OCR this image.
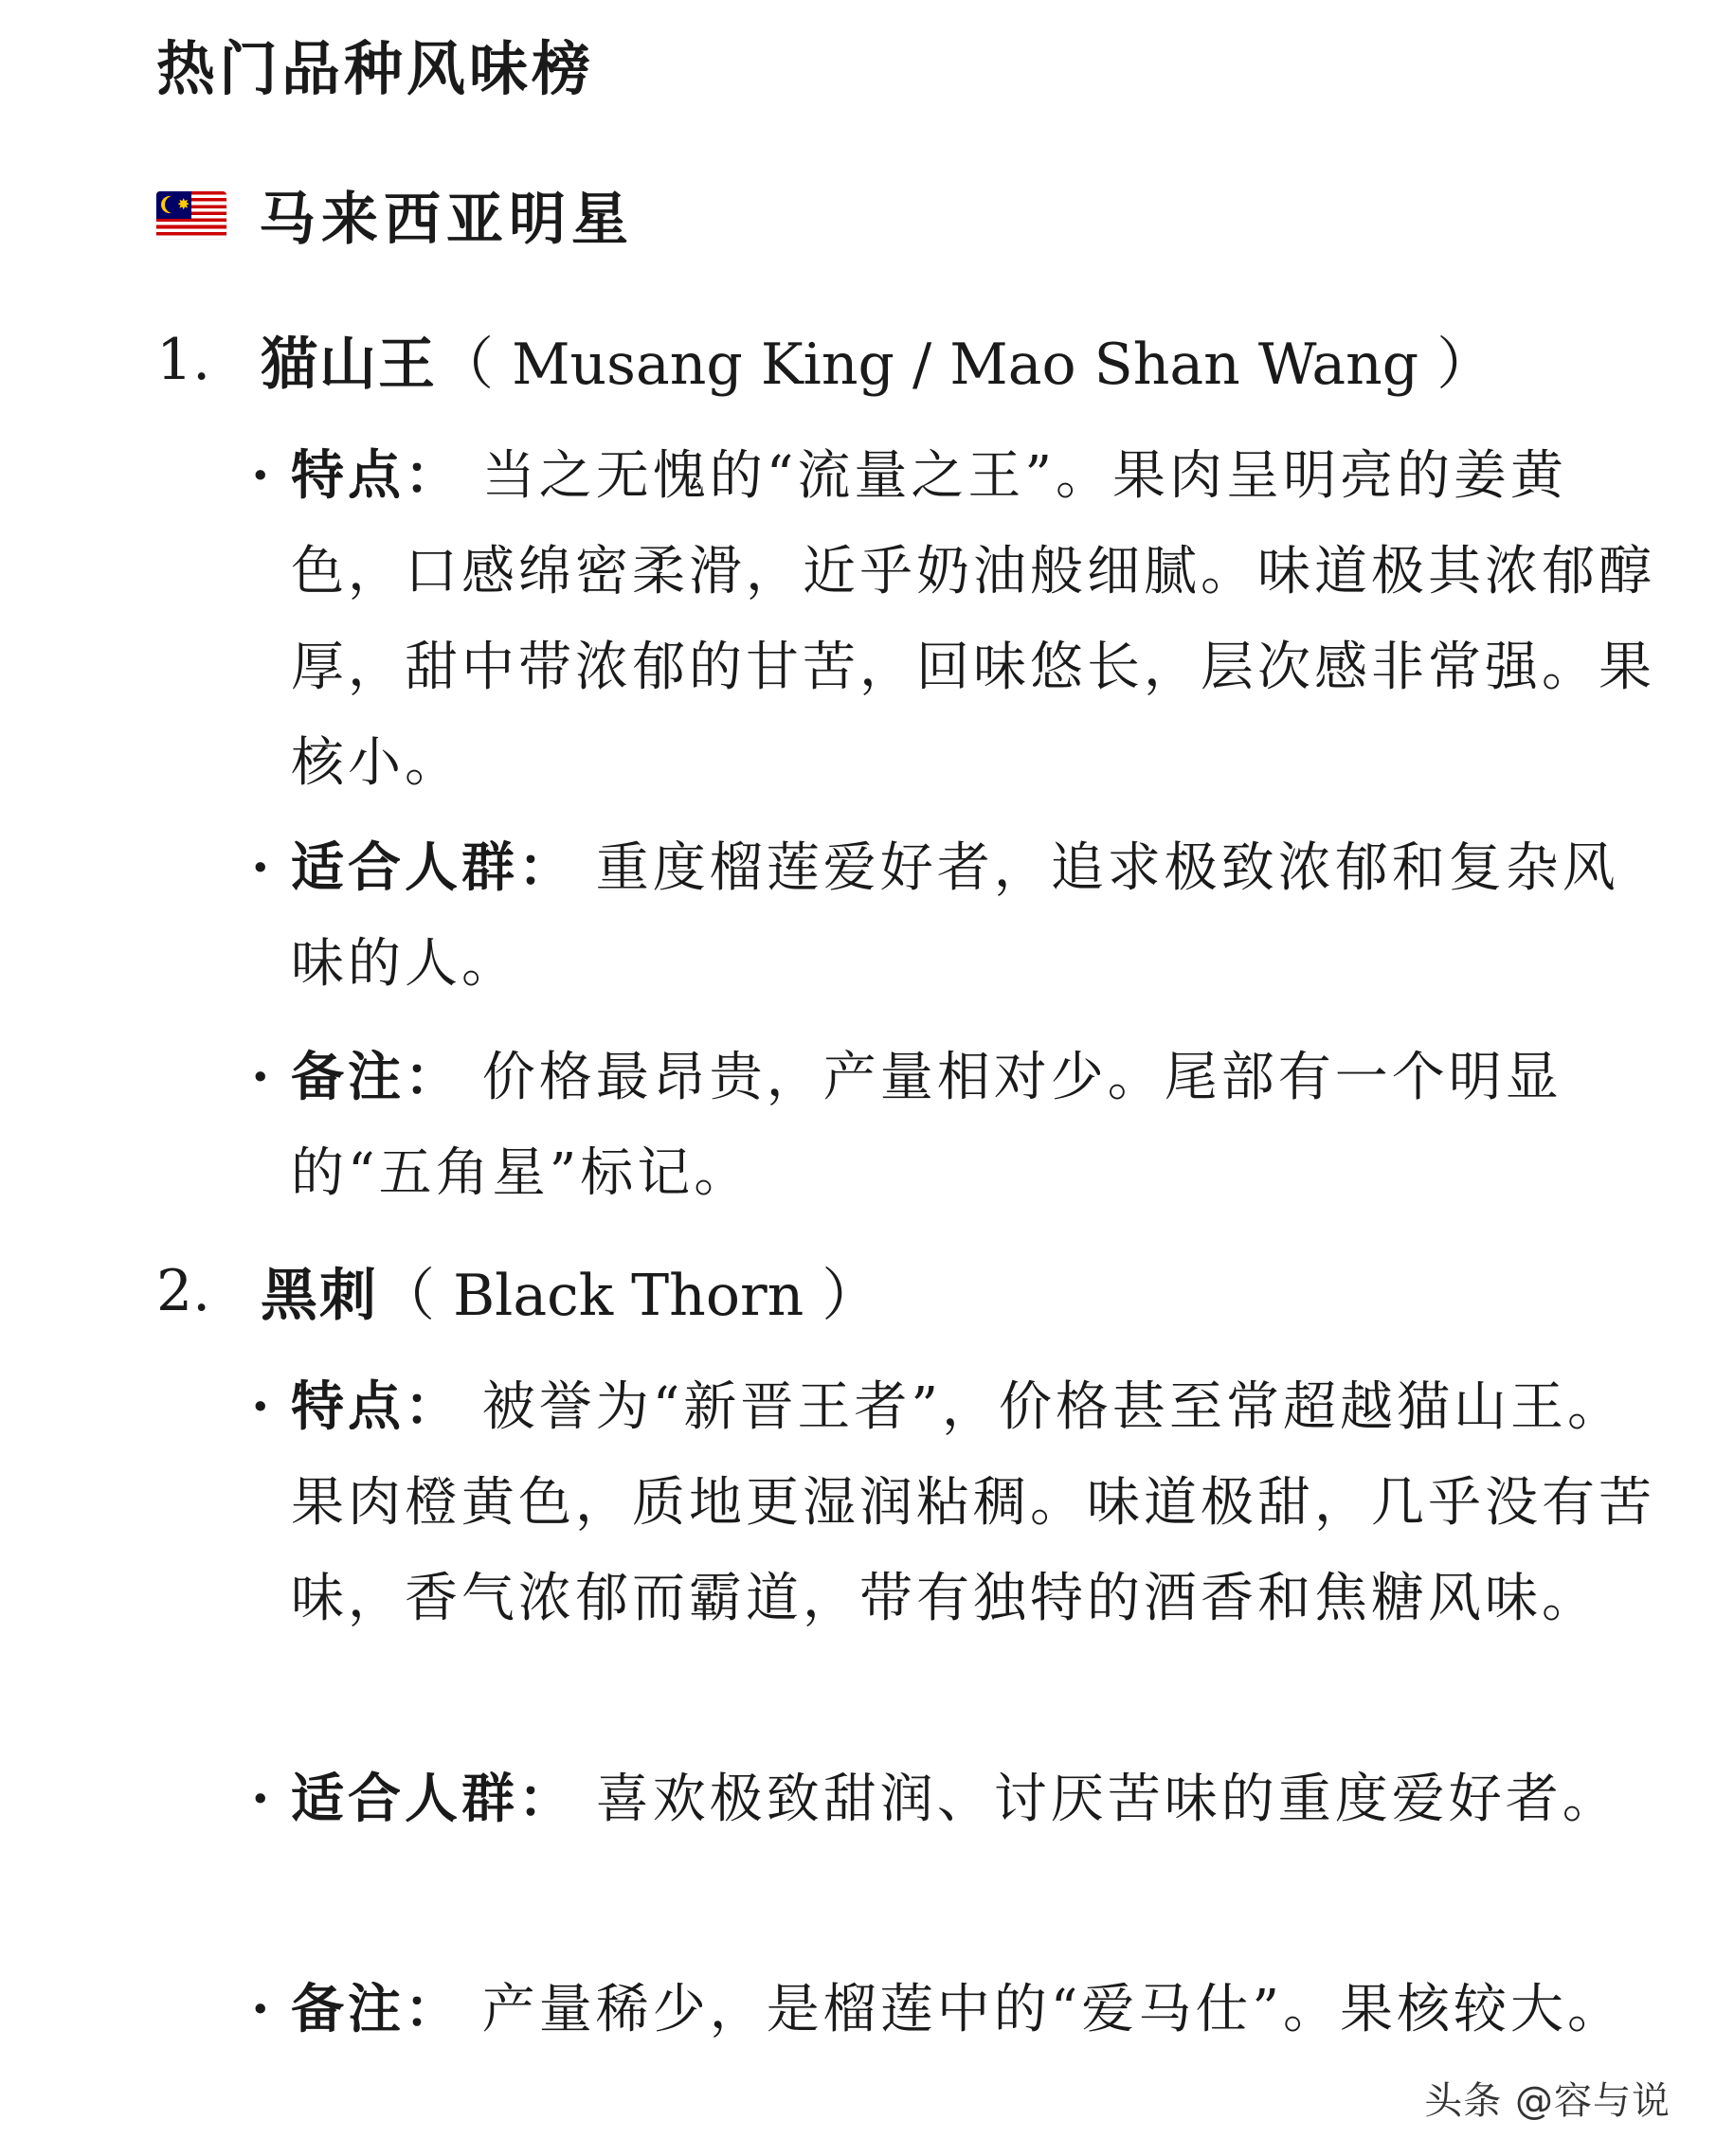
热门品种风味榜
✸ 马来西亚明星
1. 猫山王（ Musang King / Mao Shan Wang ）
· 特点： 当之无愧的“流量之王”。果肉呈明亮的姜黄色，口感绵密柔滑，近乎奶油般细腻。味道极其浓郁醇厚，甜中带浓郁的甘苦，回味悠长，层次感非常强。果核小。
· 适合人群： 重度榴莲爱好者，追求极致浓郁和复杂风味的人。
· 备注： 价格最昂贵，产量相对少。尾部有一个明显的“五角星”标记。
2. 黑刺（ Black Thorn ）
· 特点： 被誉为“新晋王者”，价格甚至常超越猫山王。果肉橙黄色，质地更湿润粘稠。味道极甜，几乎没有苦味，香气浓郁而霸道，带有独特的酒香和焦糖风味。
· 适合人群： 喜欢极致甜润、讨厌苦味的重度爱好者。
· 备注： 产量稀少，是榴莲中的“爱马仕”。果核较大。
头条 @容与说
